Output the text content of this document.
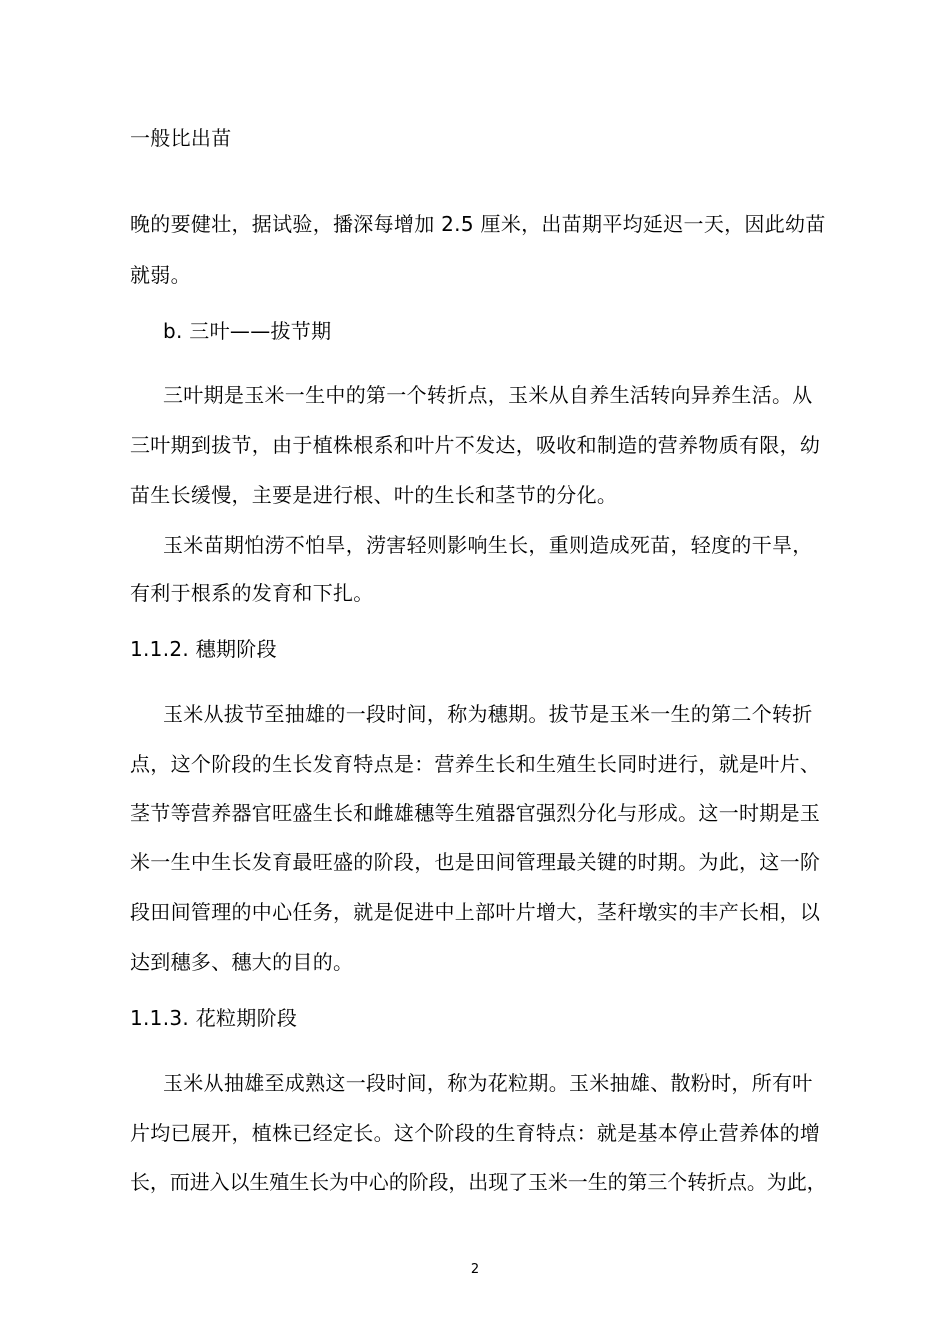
一般比出苗
晚的要健壮，据试验，播深每增加 2.5 厘米，出苗期平均延迟一天，因此幼苗
就弱。
b. 三叶——拔节期
三叶期是玉米一生中的第一个转折点，玉米从自养生活转向异养生活。从
三叶期到拔节，由于植株根系和叶片不发达，吸收和制造的营养物质有限，幼
苗生长缓慢，主要是进行根、叶的生长和茎节的分化。
玉米苗期怕涝不怕旱，涝害轻则影响生长，重则造成死苗，轻度的干旱，
有利于根系的发育和下扎。
1.1.2. 穗期阶段
玉米从拔节至抽雄的一段时间，称为穗期。拔节是玉米一生的第二个转折
点，这个阶段的生长发育特点是：营养生长和生殖生长同时进行，就是叶片、
茎节等营养器官旺盛生长和雌雄穗等生殖器官强烈分化与形成。这一时期是玉
米一生中生长发育最旺盛的阶段，也是田间管理最关键的时期。为此，这一阶
段田间管理的中心任务，就是促进中上部叶片增大，茎秆墩实的丰产长相，以
达到穗多、穗大的目的。
1.1.3. 花粒期阶段
玉米从抽雄至成熟这一段时间，称为花粒期。玉米抽雄、散粉时，所有叶
片均已展开，植株已经定长。这个阶段的生育特点：就是基本停止营养体的增
长，而进入以生殖生长为中心的阶段，出现了玉米一生的第三个转折点。为此，
2
